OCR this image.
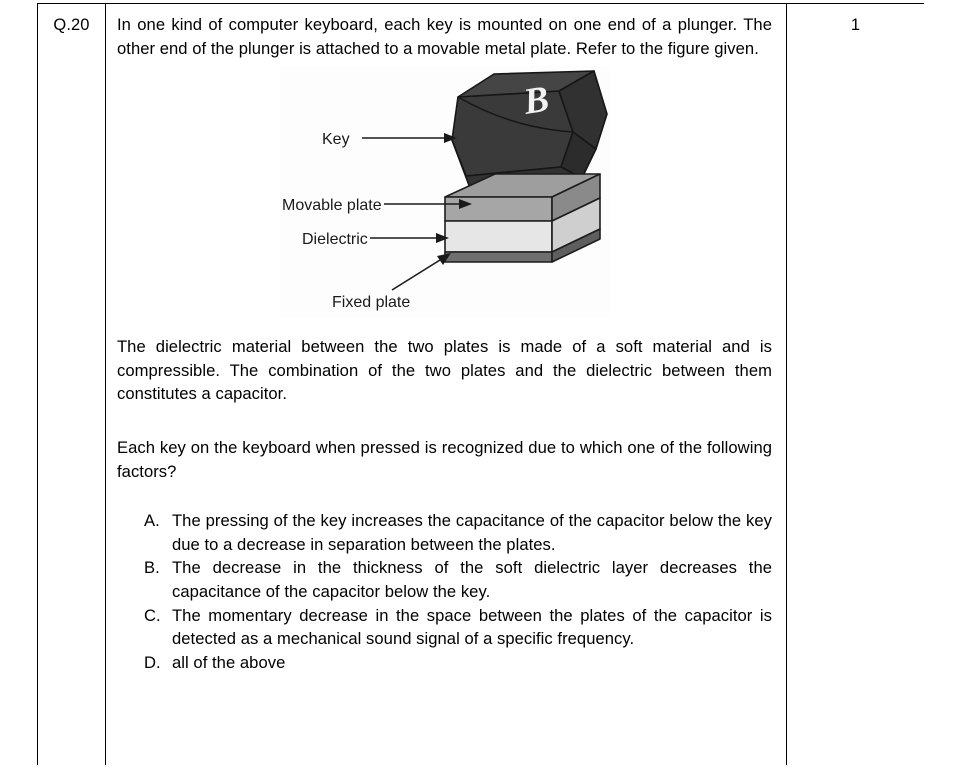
Q.20	In one kind of computer keyboard, each key is mounted on one end of a plunger. The other end of the plunger is attached to a movable metal plate. Refer to the figure given.

B
Key
Movable plate
Dielectric
Fixed plate

The dielectric material between the two plates is made of a soft material and is compressible. The combination of the two plates and the dielectric between them constitutes a capacitor.

Each key on the keyboard when pressed is recognized due to which one of the following factors?

A. The pressing of the key increases the capacitance of the capacitor below the key due to a decrease in separation between the plates.
B. The decrease in the thickness of the soft dielectric layer decreases the capacitance of the capacitor below the key.
C. The momentary decrease in the space between the plates of the capacitor is detected as a mechanical sound signal of a specific frequency.
D. all of the above
1
